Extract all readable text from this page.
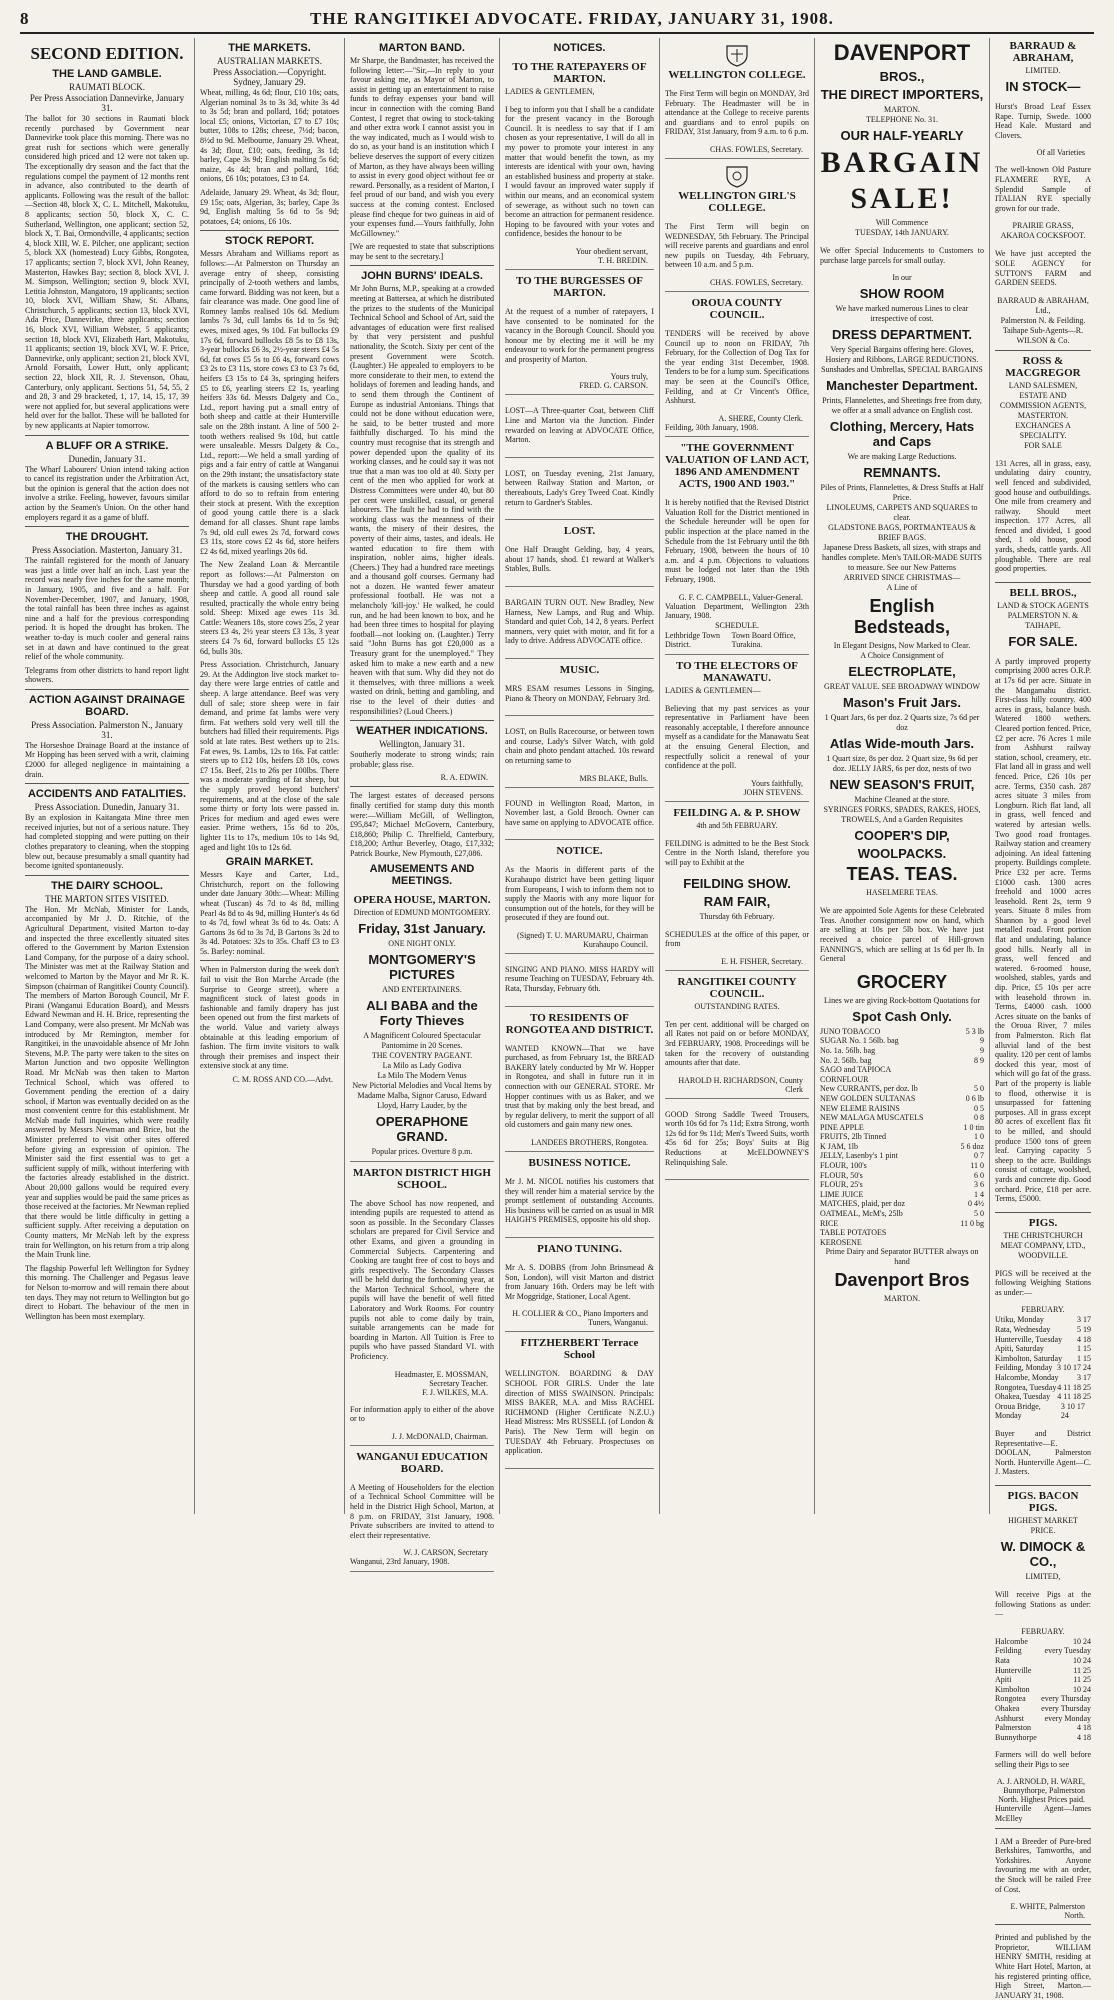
8	THE RANGITIKEI ADVOCATE. FRIDAY, JANUARY 31, 1908.
SECOND EDITION.
THE LAND GAMBLE.
RAUMATI BLOCK.
Per Press Association Dannevirke, January 31.

The ballot for 30 sections in Raumati block recently purchased by Government near Dannevirke took place this morning. There was no great rush for sections which were generally considered high priced and 12 were not taken up. The exceptionally dry season and the fact that the regulations compel the payment of 12 months rent in advance, also contributed to the dearth of applicants. Following was the result of the ballot:—Section 48, block X, C. L. Mitchell, Makotuku, 8 applicants; section 50, block X, C. C. Sutherland, Wellington, one applicant; section 52, block X, T. Bai, Ormondville, 4 applicants; section 4, block XIII, W. E. Pilcher, one applicant; section 5, block XX (homestead) Lucy Gibbs, Rongotea, 17 applicants; section 7, block XVI, John Reaney, Masterton, Hawkes Bay; section 8, block XVI, J. M. Simpson, Wellington; section 9, block XVI, Letitia Johnston, Mangatoro, 19 applicants; section 10, block XVI, William Shaw, St. Albans, Christchurch, 5 applicants; section 13, block XVI, Ada Price, Dannevirke, three applicants; section 16, block XVI, William Webster, 5 applicants; section 18, block XVI, Elizabeth Hart, Makotuku, 11 applicants; section 19, block XVI, W. F. Price, Dannevirke, only applicant; section 21, block XVI, Arnold Forsaith, Lower Hutt, only applicant; section 22, block XII, R. J. Stevenson, Ohau, Canterbury, only applicant. Sections 51, 54, 55, 2 and 28, 3 and 29 bracketed, 1, 17, 14, 15, 17, 39 were not applied for, but several applications were held over for the ballot. These will be balloted for by new applicants at Napier tomorrow.

A BLUFF OR A STRIKE.
Dunedin, January 31.

The Wharf Labourers' Union intend taking action to cancel its registration under the Arbitration Act, but the opinion is general that the action does not involve a strike. Feeling, however, favours similar action by the Seamen's Union. On the other hand employers regard it as a game of bluff.

THE DROUGHT.
Press Association. Masterton, January 31.

The rainfall registered for the month of January was just a little over half an inch. Last year the record was nearly five inches for the same month; in January, 1905, and five and a half. For November-December, 1907, and January, 1908, the total rainfall has been three inches as against nine and a half for the previous corresponding period. It is hoped the drought has broken. The weather to-day is much cooler and general rains set in at dawn and have continued to the great relief of the whole community.

Telegrams from other districts to hand report light showers.

ACTION AGAINST DRAINAGE BOARD.
Press Association. Palmerston N., January 31.

The Horseshoe Drainage Board at the instance of Mr Hopping has been served with a writ, claiming £2000 for alleged negligence in maintaining a drain.

ACCIDENTS AND FATALITIES.
Press Association. Dunedin, January 31.

By an explosion in Kaitangata Mine three men received injuries, but not of a serious nature. They had completed stopping and were putting on their clothes preparatory to cleaning, when the stopping blew out, because presumably a small quantity had become ignited spontaneously.

THE DAIRY SCHOOL.
THE MARTON SITES VISITED.

The Hon. Mr McNab, Minister for Lands, accompanied by Mr J. D. Ritchie, of the Agricultural Department, visited Marton to-day and inspected the three excellently situated sites offered to the Government by Marton Extension Land Company, for the purpose of a dairy school. The Minister was met at the Railway Station and welcomed to Marton by the Mayor and Mr R. K. Simpson (chairman of Rangitikei County Council). The members of Marton Borough Council, Mr F. Pirani (Wanganui Education Board), and Messrs Edward Newman and H. H. Brice, representing the Land Company, were also present. Mr McNab was introduced by Mr Remington, member for Rangitikei, in the unavoidable absence of Mr John Stevens, M.P. The party were taken to the sites on Marton Junction and two opposite Wellington Road. Mr McNab was then taken to Marton Technical School, which was offered to Government pending the erection of a dairy school, if Marton was eventually decided on as the most convenient centre for this establishment. Mr McNab made full inquiries, which were readily answered by Messrs Newman and Brice, but the Minister preferred to visit other sites offered before giving an expression of opinion. The Minister said the first essential was to get a sufficient supply of milk, without interfering with the factories already established in the district. About 20,000 gallons would be required every year and supplies would be paid the same prices as those received at the factories. Mr Newman replied that there would be little difficulty in getting a sufficient supply. After receiving a deputation on County matters, Mr McNab left by the express train for Wellington, on his return from a trip along the Main Trunk line.

The flagship Powerful left Wellington for Sydney this morning. The Challenger and Pegasus leave for Nelson to-morrow and will remain there about ten days. They may not return to Wellington but go direct to Hobart. The behaviour of the men in Wellington has been most exemplary.

THE MARKETS.
AUSTRALIAN MARKETS.
Press Association.—Copyright. Sydney, January 29.

Wheat, milling, 4s 6d; flour, £10 10s; oats, Algerian nominal 3s to 3s 3d, white 3s 4d to 3s 5d; bran and pollard, 16d; potatoes local £5; onions, Victorian, £7 to £7 10s; butter, 108s to 128s; cheese, 7½d; bacon, 8½d to 9d. Melbourne, January 29. Wheat, 4s 3d; flour, £10; oats, feeding, 3s 1d; barley, Cape 3s 9d; English malting 5s 6d; maize, 4s 4d; bran and pollard, 16d; onions, £6 10s; potatoes, £3 to £4.

Adelaide, January 29. Wheat, 4s 3d; flour, £9 15s; oats, Algerian, 3s; barley, Cape 3s 9d, English malting 5s 6d to 5s 9d; potatoes, £4; onions, £6 10s.

STOCK REPORT.

Messrs Abraham and Williams report as follows:—At Palmerston on Thursday an average entry of sheep, consisting principally of 2-tooth wethers and lambs, came forward. Bidding was not keen, but a fair clearance was made. One good line of Romney lambs realised 10s 6d. Medium lambs 7s 3d, cull lambs 6s 1d to 5s 9d; ewes, mixed ages, 9s 10d. Fat bullocks £9 17s 6d, forward bullocks £8 5s to £8 13s, 3-year bullocks £6 3s, 2½-year steers £4 5s 6d, fat cows £5 5s to £6 4s, forward cows £3 2s to £3 11s, store cows £3 to £3 7s 6d, heifers £3 15s to £4 3s, springing heifers £5 to £6, yearling steers £2 1s, yearling heifers 33s 6d. Messrs Dalgety and Co., Ltd., report having put a small entry of both sheep and cattle at their Hunterville sale on the 28th instant. A line of 500 2-tooth wethers realised 9s 10d, but cattle were unsaleable. Messrs Dalgety & Co., Ltd., report:—We held a small yarding of pigs and a fair entry of cattle at Wanganui on the 29th instant; the unsatisfactory state of the markets is causing settlers who can afford to do so to refrain from entering their stock at present. With the exception of good young cattle there is a slack demand for all classes. Shunt rape lambs 7s 9d, old cull ewes 2s 7d, forward cows £3 11s, store cows £2 4s 6d, store heifers £2 4s 6d, mixed yearlings 20s 6d.

The New Zealand Loan & Mercantile report as follows:—At Palmerston on Thursday we had a good yarding of both sheep and cattle. A good all round sale resulted, practically the whole entry being sold. Sheep: Mixed age ewes 11s 3d. Cattle: Weaners 18s, store cows 25s, 2 year steers £3 4s, 2½ year steers £3 13s, 3 year steers £4 7s 6d, forward bullocks £5 12s 6d, bulls 30s.

Press Association. Christchurch, January 29. At the Addington live stock market to-day there were large entries of cattle and sheep. A large attendance. Beef was very dull of sale; store sheep were in fair demand, and prime fat lambs were very firm. Fat wethers sold very well till the butchers had filled their requirements. Pigs sold at late rates. Best wethers up to 21s. Fat ewes, 9s. Lambs, 12s to 16s. Fat cattle: steers up to £12 10s, heifers £8 10s, cows £7 15s. Beef, 21s to 26s per 100lbs. There was a moderate yarding of fat sheep, but the supply proved beyond butchers' requirements, and at the close of the sale some thirty or forty lots were passed in. Prices for medium and aged ewes were easier. Prime wethers, 15s 6d to 20s, lighter 11s to 17s, medium 10s to 14s 9d, aged and light 10s to 12s 6d.

GRAIN MARKET.

Messrs Kaye and Carter, Ltd., Christchurch, report on the following under date January 30th:—Wheat: Milling wheat (Tuscan) 4s 7d to 4s 8d, milling Pearl 4s 8d to 4s 9d, milling Hunter's 4s 6d to 4s 7d, fowl wheat 3s 6d to 4s. Oats: A Gartons 3s 6d to 3s 7d, B Gartons 3s 2d to 3s 4d. Potatoes: 32s to 35s. Chaff £3 to £3 5s. Barley: nominal.

When in Palmerston during the week don't fail to visit the Bon Marche Arcade (the Surprise to George street), where a magnificent stock of latest goods in fashionable and family drapery has just been opened out from the first markets of the world. Value and variety always obtainable at this leading emporium of fashion. The firm invite visitors to walk through their premises and inspect their extensive stock at any time.

C. M. ROSS AND CO.—Advt.
MARTON BAND.

Mr Sharpe, the Bandmaster, has received the following letter:—"Sir,—In reply to your favour asking me, as Mayor of Marton, to assist in getting up an entertainment to raise funds to defray expenses your band will incur in connection with the coming Band Contest, I regret that owing to stock-taking and other extra work I cannot assist you in the way indicated, much as I would wish to do so, as your band is an institution which I believe deserves the support of every citizen of Marton, as they have always been willing to assist in every good object without fee or reward. Personally, as a resident of Marton, I feel proud of our band, and wish you every success at the coming contest. Enclosed please find cheque for two guineas in aid of your expenses fund.—Yours faithfully, John McGillowney."

[We are requested to state that subscriptions may be sent to the secretary.]

JOHN BURNS' IDEALS.

Mr John Burns, M.P., speaking at a crowded meeting at Battersea, at which he distributed the prizes to the students of the Municipal Technical School and School of Art, said the advantages of education were first realised by that very persistent and pushful nationality, the Scotch. Sixty per cent of the present Government were Scotch. (Laughter.) He appealed to employers to be more considerate to their men, to extend the holidays of foremen and leading hands, and to send them through the Continent of Europe as industrial Antonians. Things that could not be done without education were, he said, to be better trusted and more faithfully discharged. To his mind the country must recognise that its strength and power depended upon the quality of its working classes, and he could say it was not true that a man was too old at 40. Sixty per cent of the men who applied for work at Distress Committees were under 40, but 80 per cent were unskilled, casual, or general labourers. The fault he had to find with the working class was the meanness of their wants, the misery of their desires, the poverty of their aims, tastes, and ideals. He wanted education to fire them with inspiration, nobler aims, higher ideals. (Cheers.) They had a hundred race meetings and a thousand golf courses. Germany had not a dozen. He wanted fewer amateur professional football. He was not a melancholy 'kill-joy.' He walked, he could run, and he had been known to box, and he had been three times to hospital for playing football—not looking on. (Laughter.) Terry said "John Burns has got £20,000 as a Treasury grant for the unemployed." They asked him to make a new earth and a new heaven with that sum. Why did they not do it themselves, with three millions a week wasted on drink, betting and gambling, and rise to the level of their duties and responsibilities? (Loud Cheers.)

WEATHER INDICATIONS.
Wellington, January 31.

Southerly moderate to strong winds; rain probable; glass rise.

R. A. EDWIN.

The largest estates of deceased persons finally certified for stamp duty this month were:—William McGill, of Wellington, £95,847; Michael McGovern, Canterbury, £18,860; Philip C. Threlfield, Canterbury, £18,200; Arthur Beverley, Otago, £17,332; Patrick Bourke, New Plymouth, £27,086.

AMUSEMENTS AND MEETINGS.
OPERA HOUSE, MARTON.
Direction of EDMUND MONTGOMERY.
Friday, 31st January.
ONE NIGHT ONLY.
MONTGOMERY'S PICTURES
AND ENTERTAINERS.
ALI BABA and the Forty Thieves
A Magnificent Coloured Spectacular Pantomime in 20 Scenes.
THE COVENTRY PAGEANT.
La Milo as Lady Godiva
La Milo The Modern Venus
New Pictorial Melodies and Vocal Items by Madame Malba, Signor Caruso, Edward Lloyd, Harry Lauder, by the
OPERAPHONE GRAND.
Popular prices. Overture 8 p.m.
MARTON DISTRICT HIGH SCHOOL.

The above School has now reopened, and intending pupils are requested to attend as soon as possible. In the Secondary Classes scholars are prepared for Civil Service and other Exams, and given a grounding in Commercial Subjects. Carpentering and Cooking are taught free of cost to boys and girls respectively. The Secondary Classes will be held during the forthcoming year, at the Marton Technical School, where the pupils will have the benefit of well fitted Laboratory and Work Rooms. For country pupils not able to come daily by train, suitable arrangements can be made for boarding in Marton. All Tuition is Free to pupils who have passed Standard VI. with Proficiency.

Headmaster, E. MOSSMAN,
Secretary Teacher.
F. J. WILKES, M.A.

For information apply to either of the above or to

J. J. McDONALD, Chairman.
WANGANUI EDUCATION BOARD.

A Meeting of Householders for the election of a Technical School Committee will be held in the District High School, Marton, at 8 p.m. on FRIDAY, 31st January, 1908. Private subscribers are invited to attend to elect their representative.

W. J. CARSON, Secretary
Wanganui, 23rd January, 1908.
NOTICES.
TO THE RATEPAYERS OF MARTON.
LADIES & GENTLEMEN,

I beg to inform you that I shall be a candidate for the present vacancy in the Borough Council. It is needless to say that if I am chosen as your representative, I will do all in my power to promote your interest in any matter that would benefit the town, as my interests are identical with your own, having an established business and property at stake. I would favour an improved water supply if within our means, and an economical system of sewerage, as without such no town can become an attraction for permanent residence. Hoping to be favoured with your votes and confidence, besides the honour to be

Your obedient servant,
T. H. BREDIN.
TO THE BURGESSES OF MARTON.

At the request of a number of ratepayers, I have consented to be nominated for the vacancy in the Borough Council. Should you honour me by electing me it will be my endeavour to work for the permanent progress and prosperity of Marton.

Yours truly,
FRED. G. CARSON.

LOST—A Three-quarter Coat, between Cliff Line and Marton via the Junction. Finder rewarded on leaving at ADVOCATE Office, Marton.

LOST, on Tuesday evening, 21st January, between Railway Station and Marton, or thereabouts, Lady's Grey Tweed Coat. Kindly return to Gardner's Stables.

LOST.

One Half Draught Gelding, bay, 4 years, about 17 hands, shod. £1 reward at Walker's Stables, Bulls.

BARGAIN TURN OUT. New Bradley, New Harness, New Lamps, and Rug and Whip. Standard and quiet Cob, 14 2, 8 years. Perfect manners, very quiet with motor, and fit for a lady to drive. Address ADVOCATE office.

MUSIC.

MRS ESAM resumes Lessons in Singing, Piano & Theory on MONDAY, February 3rd.

LOST, on Bulls Racecourse, or between town and course, Lady's Silver Watch, with gold chain and photo pendant attached. 10s reward on returning same to

MRS BLAKE, Bulls.

FOUND in Wellington Road, Marton, in November last, a Gold Brooch. Owner can have same on applying to ADVOCATE office.

NOTICE.

As the Maoris in different parts of the Kurahaupo district have been getting liquor from Europeans, I wish to inform them not to supply the Maoris with any more liquor for consumption out of the hotels, for they will be prosecuted if they are found out.

(Signed) T. U. MARUMARU, Chairman Kurahaupo Council.

SINGING AND PIANO. MISS HARDY will resume Teaching on TUESDAY, February 4th. Rata, Thursday, February 6th.

TO RESIDENTS OF RONGOTEA AND DISTRICT.

WANTED KNOWN—That we have purchased, as from February 1st, the BREAD BAKERY lately conducted by Mr W. Hopper in Rongotea, and shall in future run it in connection with our GENERAL STORE. Mr Hopper continues with us as Baker, and we trust that by making only the best bread, and by regular delivery, to merit the support of all old customers and gain many new ones.

LANDEES BROTHERS, Rongotea.
BUSINESS NOTICE.

Mr J. M. NICOL notifies his customers that they will render him a material service by the prompt settlement of outstanding Accounts. His business will be carried on as usual in MR HAIGH'S PREMISES, opposite his old shop.

PIANO TUNING.

Mr A. S. DOBBS (from John Brinsmead & Son, London), will visit Marton and district from January 16th. Orders may be left with Mr Moggridge, Stationer, Local Agent.

H. COLLIER & CO., Piano Importers and Tuners, Wanganui.
FITZHERBERT Terrace School

WELLINGTON. BOARDING & DAY SCHOOL FOR GIRLS. Under the late direction of MISS SWAINSON. Principals: MISS BAKER, M.A. and Miss RACHEL RICHMOND (Higher Certificate N.Z.U.) Head Mistress: Mrs RUSSELL (of London & Paris). The New Term will begin on TUESDAY 4th February. Prospectuses on application.

WELLINGTON COLLEGE.

The First Term will begin on MONDAY, 3rd February. The Headmaster will be in attendance at the College to receive parents and guardians and to enrol pupils on FRIDAY, 31st January, from 9 a.m. to 6 p.m.

CHAS. FOWLES, Secretary.
WELLINGTON GIRL'S COLLEGE.

The First Term will begin on WEDNESDAY, 5th February. The Principal will receive parents and guardians and enrol new pupils on Tuesday, 4th February, between 10 a.m. and 5 p.m.

CHAS. FOWLES, Secretary.
OROUA COUNTY COUNCIL.

TENDERS will be received by above Council up to noon on FRIDAY, 7th February, for the Collection of Dog Tax for the year ending 31st December, 1908. Tenders to be for a lump sum. Specifications may be seen at the Council's Office, Feilding, and at Cr Vincent's Office, Ashhurst.

A. SHERE, County Clerk.
Feilding, 30th January, 1908.
"THE GOVERNMENT VALUATION OF LAND ACT, 1896 AND AMENDMENT ACTS, 1900 AND 1903."

It is hereby notified that the Revised District Valuation Roll for the District mentioned in the Schedule hereunder will be open for public inspection at the place named in the Schedule from the 1st February until the 8th February, 1908, between the hours of 10 a.m. and 4 p.m. Objections to valuations must be lodged not later than the 19th February, 1908.

G. F. C. CAMPBELL, Valuer-General.
Valuation Department, Wellington 23th January, 1908.
SCHEDULE.
Lethbridge Town District.
Town Board Office, Turakina.
TO THE ELECTORS OF MANAWATU.
LADIES & GENTLEMEN—

Believing that my past services as your representative in Parliament have been reasonably acceptable, I therefore announce myself as a candidate for the Manawatu Seat at the ensuing General Election, and respectfully solicit a renewal of your confidence at the poll.

Yours faithfully,
JOHN STEVENS.
FEILDING A. & P. SHOW
4th and 5th FEBRUARY.

FEILDING is admitted to be the Best Stock Centre in the North Island, therefore you will pay to Exhibit at the

FEILDING SHOW.
RAM FAIR,
Thursday 6th February.

SCHEDULES at the office of this paper, or from

E. H. FISHER, Secretary.
RANGITIKEI COUNTY COUNCIL.
OUTSTANDING RATES.

Ten per cent. additional will be charged on all Rates not paid on or before MONDAY, 3rd FEBRUARY, 1908. Proceedings will be taken for the recovery of outstanding amounts after that date.

HAROLD H. RICHARDSON, County Clerk

GOOD Strong Saddle Tweed Trousers, worth 10s 6d for 7s 11d; Extra Strong, worth 12s 6d for 9s 11d; Men's Tweed Suits, worth 45s 6d for 25s; Boys' Suits at Big Reductions at McELDOWNEY'S Relinquishing Sale.

DAVENPORT
BROS.,
THE DIRECT IMPORTERS,
MARTON.
TELEPHONE No. 31.
OUR HALF-YEARLY
BARGAIN
SALE!
Will Commence
TUESDAY, 14th JANUARY.

We offer Special Inducements to Customers to purchase large parcels for small outlay.

In our
SHOW ROOM
We have marked numerous Lines to clear irrespective of cost.
DRESS DEPARTMENT.
Very Special Bargains offering here. Gloves, Hosiery and Ribbons, LARGE REDUCTIONS. Sunshades and Umbrellas, SPECIAL BARGAINS
Manchester Department.
Prints, Flannelettes, and Sheetings free from duty, we offer at a small advance on English cost.
Clothing, Mercery, Hats and Caps
We are making Large Reductions.
REMNANTS.
Piles of Prints, Flannelettes, & Dress Stuffs at Half Price.
LINOLEUMS, CARPETS AND SQUARES to clear.
GLADSTONE BAGS, PORTMANTEAUS & BRIEF BAGS.
Japanese Dress Baskets, all sizes, with straps and handles complete. Men's TAILOR-MADE SUITS to measure. See our New Patterns
ARRIVED SINCE CHRISTMAS—
A Line of
English Bedsteads,
In Elegant Designs, Now Marked to Clear.
A Choice Consignment of
ELECTROPLATE,
GREAT VALUE. SEE BROADWAY WINDOW
Mason's Fruit Jars.
1 Quart Jars, 6s per doz. 2 Quarts size, 7s 6d per doz
Atlas Wide-mouth Jars.
1 Quart size, 8s per doz. 2 Quart size, 9s 6d per doz. JELLY JARS, 6s per doz, nests of two
NEW SEASON'S FRUIT,
Machine Cleaned at the store.
SYRINGES FORKS, SPADES, RAKES, HOES, TROWELS, And a Garden Requisites
COOPER'S DIP,
WOOLPACKS.
TEAS. TEAS.
HASELMERE TEAS.

We are appointed Sole Agents for these Celebrated Teas. Another consignment now on hand, which are selling at 10s per 5lb box. We have just received a choice parcel of Hill-grown FANNING'S, which are selling at 1s 6d per lb. In General

GROCERY
Lines we are giving Rock-bottom Quotations for
Spot Cash Only.
JUNO TOBACCO	5 3 lb
SUGAR No. 1 56lb. bag	9
No. 1a. 56lb. bag	9
No. 2. 56lb. bag	8 9
SAGO and TAPIOCA
CORNFLOUR
New CURRANTS, per doz. lb	5 0
NEW GOLDEN SULTANAS	0 6 lb
NEW ELEME RAISINS	0 5
NEW MALAGA MUSCATELS	0 8
PINE APPLE	1 0 tin
FRUITS, 2lb Tinned	1 0
K JAM, 1lb	5 6 doz
JELLY, Lasenby's 1 pint	0 7
FLOUR, 100's	11 0
FLOUR, 50's	6 0
FLOUR, 25's	3 6
LIME JUICE	1 4
MATCHES, plaid, per doz	0 4½
OATMEAL, McM's, 25lb	5 0
RICE	11 0 bg
TABLE POTATOES
KEROSENE
Prime Dairy and Separator BUTTER always on hand
Davenport Bros
MARTON.
BARRAUD & ABRAHAM,
LIMITED.
IN STOCK—

Hurst's Broad Leaf Essex Rape. Turnip, Swede. 1000 Head Kale. Mustard and Clovers.

Of all Varieties

The well-known Old Pasture FLAXMERE RYE, A Splendid Sample of ITALIAN RYE specially grown for our trade.

PRAIRIE GRASS, AKAROA COCKSFOOT.

We have just accepted the SOLE AGENCY for SUTTON'S FARM and GARDEN SEEDS.

BARRAUD & ABRAHAM, Ltd.,
Palmerston N. & Feilding.
Taihape Sub-Agents—R. WILSON & Co.
ROSS & MACGREGOR
LAND SALESMEN, ESTATE AND COMMISSION AGENTS,
MASTERTON.
EXCHANGES A SPECIALITY.
FOR SALE

131 Acres, all in grass, easy, undulating dairy country, well fenced and subdivided, good house and outbuildings. One mile from creamery and railway. Should meet inspection. 177 Acres, all fenced and divided, 1 good shed, 1 old house, good yards, sheds, cattle yards. All ploughable. There are real good properties.

BELL BROS.,
LAND & STOCK AGENTS
PALMERSTON N. & TAIHAPE.
FOR SALE.

A partly improved property comprising 2000 acres O.R.P. at 17s 6d per acre. Situate in the Mangamahu district. First-class hilly country. 400 acres in grass, balance bush. Watered 1800 wethers. Cleared portion fenced. Price, £2 per acre. 76 Acres 1 mile from Ashhurst railway station, school, creamery, etc. Flat land all in grass and well fenced. Price, £26 10s per acre. Terms, £350 cash. 287 acres situate 3 miles from Longburn. Rich flat land, all in grass, well fenced and watered by artesian wells. Two good road frontages. Railway station and creamery adjoining. An ideal fattening property. Buildings complete. Price £32 per acre. Terms £1000 cash. 1300 acres freehold and 1000 acres leasehold. Rent 2s, term 9 years. Situate 8 miles from Shannon by a good level metalled road. Front portion flat and undulating, balance good hills. Nearly all in grass, well fenced and watered. 6-roomed house, woolshed, stables, yards and dip. Price, £5 10s per acre with leasehold thrown in. Terms, £4000 cash. 1000 Acres situate on the banks of the Oroua River, 7 miles from Palmerston. Rich flat alluvial land of the best quality. 120 per cent of lambs docked this year, most of which will go fat of the grass. Part of the property is liable to flood, otherwise it is unsurpassed for fattening purposes. All in grass except 80 acres of excellent flax fit to be milled, and should produce 1500 tons of green leaf. Carrying capacity 5 sheep to the acre. Buildings consist of cottage, woolshed, yards and concrete dip. Good orchard. Price, £18 per acre. Terms, £5000.

PIGS.
THE CHRISTCHURCH MEAT COMPANY, LTD., WOODVILLE.

PIGS will be received at the following Weighing Stations as under:—

FEBRUARY.
Utiku, Monday	3 17
Rata, Wednesday	5 19
Hunterville, Tuesday 4 18
Apiti, Saturday	1 15
Kimbolton, Saturday 1 15
Feilding, Monday 3 10 17 24
Halcombe, Monday 3 17
Rongotea, Tuesday 4 11 18 25
Ohakea, Tuesday 4 11 18 25
Oroua Bridge, Monday
3 10 17 24

Buyer and District Representative—E. DOOLAN, Palmerston North. Hunterville Agent—C. J. Masters.

PIGS. BACON PIGS.
HIGHEST MARKET PRICE.
W. DIMOCK & CO.,
LIMITED,

Will receive Pigs at the following Stations as under:—

FEBRUARY.
Halcombe	10 24
Feilding	every Tuesday
Rata	10 24
Hunterville	11 25
Apiti	11 25
Kimbolton	10 24
Rongotea every Thursday
Ohakea	every Thursday
Ashhurst	every Monday
Palmerston	4 18
Bunnythorpe	4 18

Farmers will do well before selling their Pigs to see

A. J. ARNOLD, H. WARE,
Bunnythorpe, Palmerston North. Highest Prices paid.
Hunterville Agent—James McElley

I AM a Breeder of Pure-bred Berkshires, Tamworths, and Yorkshires. Anyone favouring me with an order, the Stock will be railed Free of Cost.

E. WHITE, Palmerston North.

Printed and published by the Proprietor, WILLIAM HENRY SMITH, residing at White Hart Hotel, Marton, at his registered printing office, High Street, Marton.—JANUARY 31, 1908.
